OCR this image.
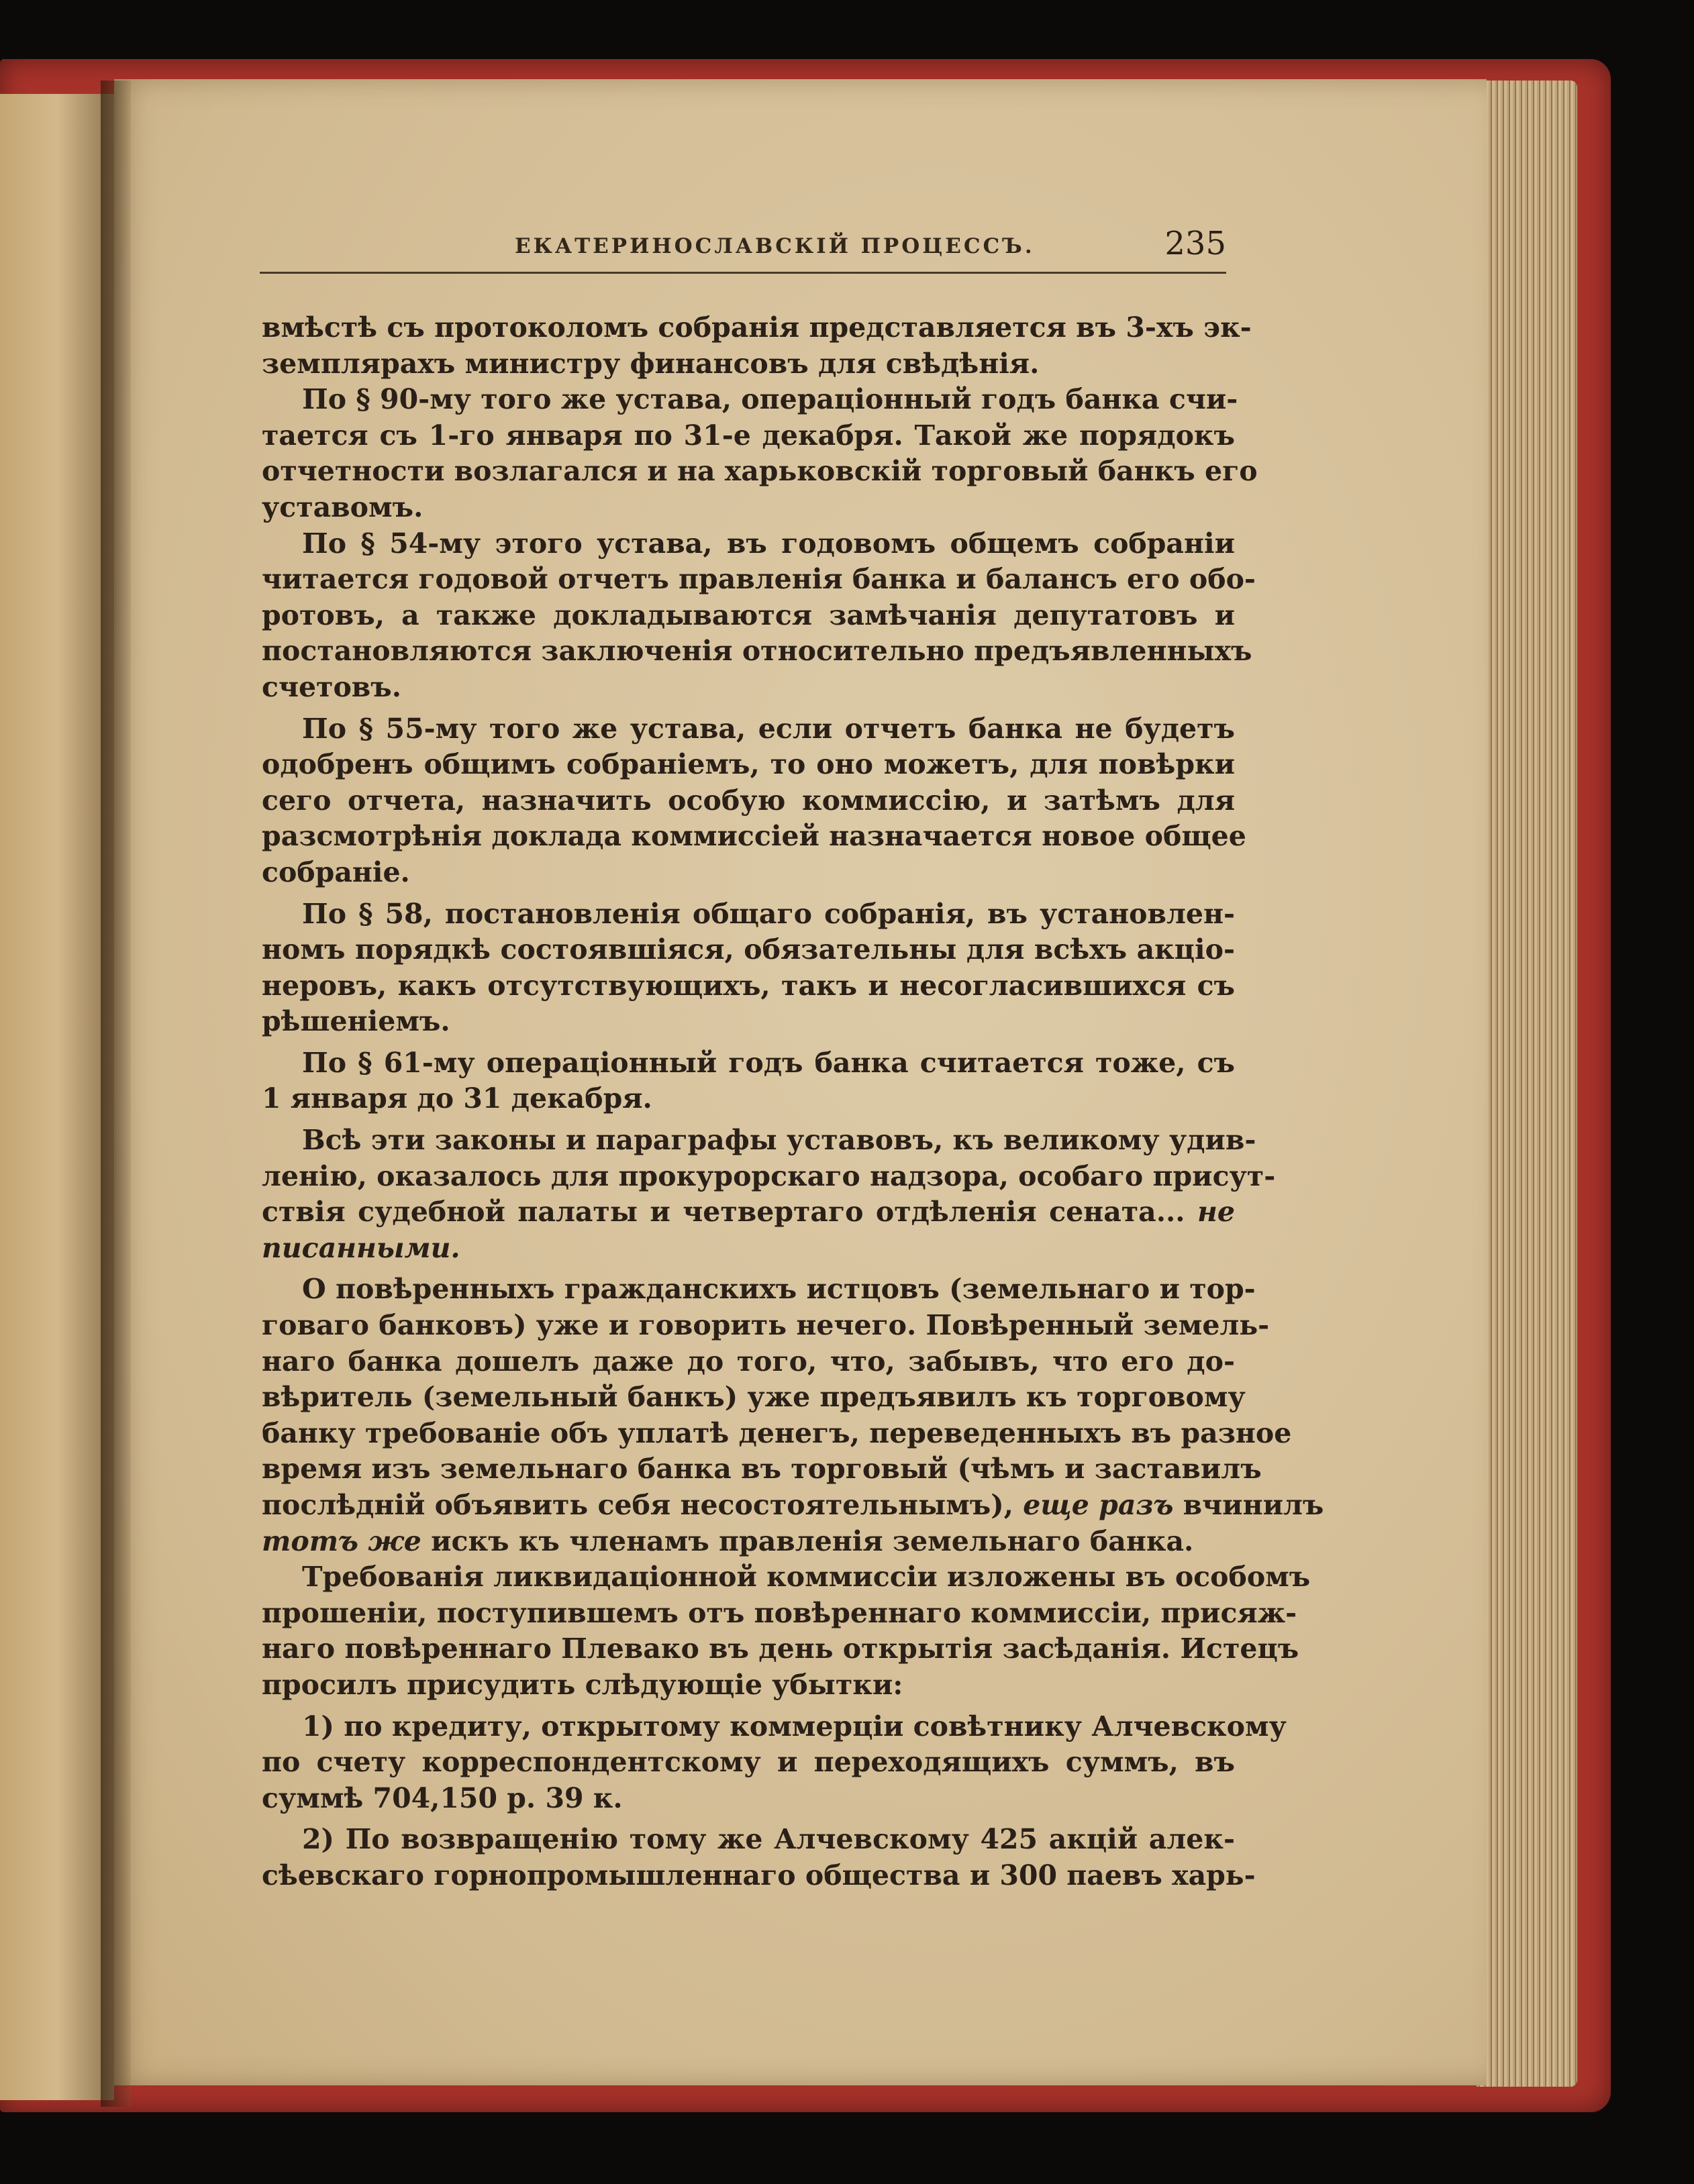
ЕКАТЕРИНОСЛАВСКІЙ ПРОЦЕССЪ.	235
вмѣстѣ съ протоколомъ собранія представляется въ 3-хъ эк-
земплярахъ министру финансовъ для свѣдѣнія.
По § 90-му того же устава, операціонный годъ банка счи-
тается съ 1-го января по 31-е декабря. Такой же порядокъ
отчетности возлагался и на харьковскій торговый банкъ его
уставомъ.
По § 54-му этого устава, въ годовомъ общемъ собраніи
читается годовой отчетъ правленія банка и балансъ его обо-
ротовъ, а также докладываются замѣчанія депутатовъ и
постановляются заключенія относительно предъявленныхъ
счетовъ.
По § 55-му того же устава, если отчетъ банка не будетъ
одобренъ общимъ собраніемъ, то оно можетъ, для повѣрки
сего отчета, назначить особую коммиссію, и затѣмъ для
разсмотрѣнія доклада коммиссіей назначается новое общее
собраніе.
По § 58, постановленія общаго собранія, въ установлен-
номъ порядкѣ состоявшіяся, обязательны для всѣхъ акціо-
неровъ, какъ отсутствующихъ, такъ и несогласившихся съ
рѣшеніемъ.
По § 61-му операціонный годъ банка считается тоже, съ
1 января до 31 декабря.
Всѣ эти законы и параграфы уставовъ, къ великому удив-
ленію, оказалось для прокурорскаго надзора, особаго присут-
ствія судебной палаты и четвертаго отдѣленія сената... не
писанными.
О повѣренныхъ гражданскихъ истцовъ (земельнаго и тор-
говаго банковъ) уже и говорить нечего. Повѣренный земель-
наго банка дошелъ даже до того, что, забывъ, что его до-
вѣритель (земельный банкъ) уже предъявилъ къ торговому
банку требованіе объ уплатѣ денегъ, переведенныхъ въ разное
время изъ земельнаго банка въ торговый (чѣмъ и заставилъ
послѣдній объявить себя несостоятельнымъ), еще разъ вчинилъ
тотъ же искъ къ членамъ правленія земельнаго банка.
Требованія ликвидаціонной коммиссіи изложены въ особомъ
прошеніи, поступившемъ отъ повѣреннаго коммиссіи, присяж-
наго повѣреннаго Плевако въ день открытія засѣданія. Истецъ
просилъ присудить слѣдующіе убытки:
1) по кредиту, открытому коммерціи совѣтнику Алчевскому
по счету корреспондентскому и переходящихъ суммъ, въ
суммѣ 704,150 р. 39 к.
2) По возвращенію тому же Алчевскому 425 акцій алек-
сѣевскаго горнопромышленнаго общества и 300 паевъ харь-
